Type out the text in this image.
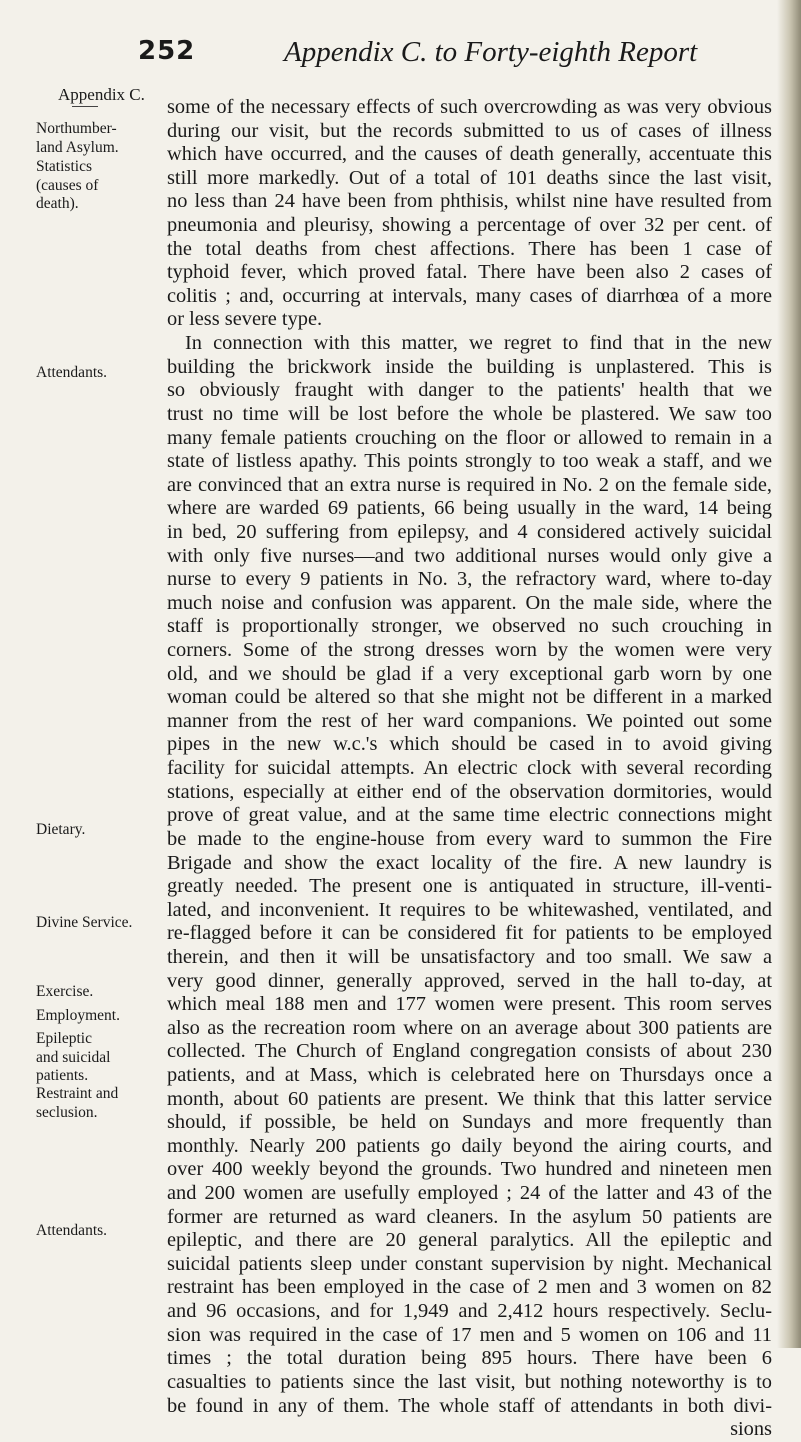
252	Appendix C. to Forty-eighth Report
Appendix C.
Northumber-
land Asylum.
Statistics
(causes of
death).
Attendants.
Dietary.
Divine Service.
Exercise.
Employment.
Epileptic
and suicidal
patients.
Restraint and
seclusion.
Attendants.
some of the necessary effects of such overcrowding as was very obvious
during our visit, but the records submitted to us of cases of illness
which have occurred, and the causes of death generally, accentuate this
still more markedly. Out of a total of 101 deaths since the last visit,
no less than 24 have been from phthisis, whilst nine have resulted from
pneumonia and pleurisy, showing a percentage of over 32 per cent. of
the total deaths from chest affections. There has been 1 case of
typhoid fever, which proved fatal. There have been also 2 cases of
colitis ; and, occurring at intervals, many cases of diarrhœa of a more
or less severe type.
In connection with this matter, we regret to find that in the new
building the brickwork inside the building is unplastered. This is
so obviously fraught with danger to the patients' health that we
trust no time will be lost before the whole be plastered. We saw too
many female patients crouching on the floor or allowed to remain in a
state of listless apathy. This points strongly to too weak a staff, and we
are convinced that an extra nurse is required in No. 2 on the female side,
where are warded 69 patients, 66 being usually in the ward, 14 being
in bed, 20 suffering from epilepsy, and 4 considered actively suicidal
with only five nurses—and two additional nurses would only give a
nurse to every 9 patients in No. 3, the refractory ward, where to-day
much noise and confusion was apparent. On the male side, where the
staff is proportionally stronger, we observed no such crouching in
corners. Some of the strong dresses worn by the women were very
old, and we should be glad if a very exceptional garb worn by one
woman could be altered so that she might not be different in a marked
manner from the rest of her ward companions. We pointed out some
pipes in the new w.c.'s which should be cased in to avoid giving
facility for suicidal attempts. An electric clock with several recording
stations, especially at either end of the observation dormitories, would
prove of great value, and at the same time electric connections might
be made to the engine-house from every ward to summon the Fire
Brigade and show the exact locality of the fire. A new laundry is
greatly needed. The present one is antiquated in structure, ill-venti-
lated, and inconvenient. It requires to be whitewashed, ventilated, and
re-flagged before it can be considered fit for patients to be employed
therein, and then it will be unsatisfactory and too small. We saw a
very good dinner, generally approved, served in the hall to-day, at
which meal 188 men and 177 women were present. This room serves
also as the recreation room where on an average about 300 patients are
collected. The Church of England congregation consists of about 230
patients, and at Mass, which is celebrated here on Thursdays once a
month, about 60 patients are present. We think that this latter service
should, if possible, be held on Sundays and more frequently than
monthly. Nearly 200 patients go daily beyond the airing courts, and
over 400 weekly beyond the grounds. Two hundred and nineteen men
and 200 women are usefully employed ; 24 of the latter and 43 of the
former are returned as ward cleaners. In the asylum 50 patients are
epileptic, and there are 20 general paralytics. All the epileptic and
suicidal patients sleep under constant supervision by night. Mechanical
restraint has been employed in the case of 2 men and 3 women on 82
and 96 occasions, and for 1,949 and 2,412 hours respectively. Seclu-
sion was required in the case of 17 men and 5 women on 106 and 11
times ; the total duration being 895 hours. There have been 6
casualties to patients since the last visit, but nothing noteworthy is to
be found in any of them. The whole staff of attendants in both divi-
sions
